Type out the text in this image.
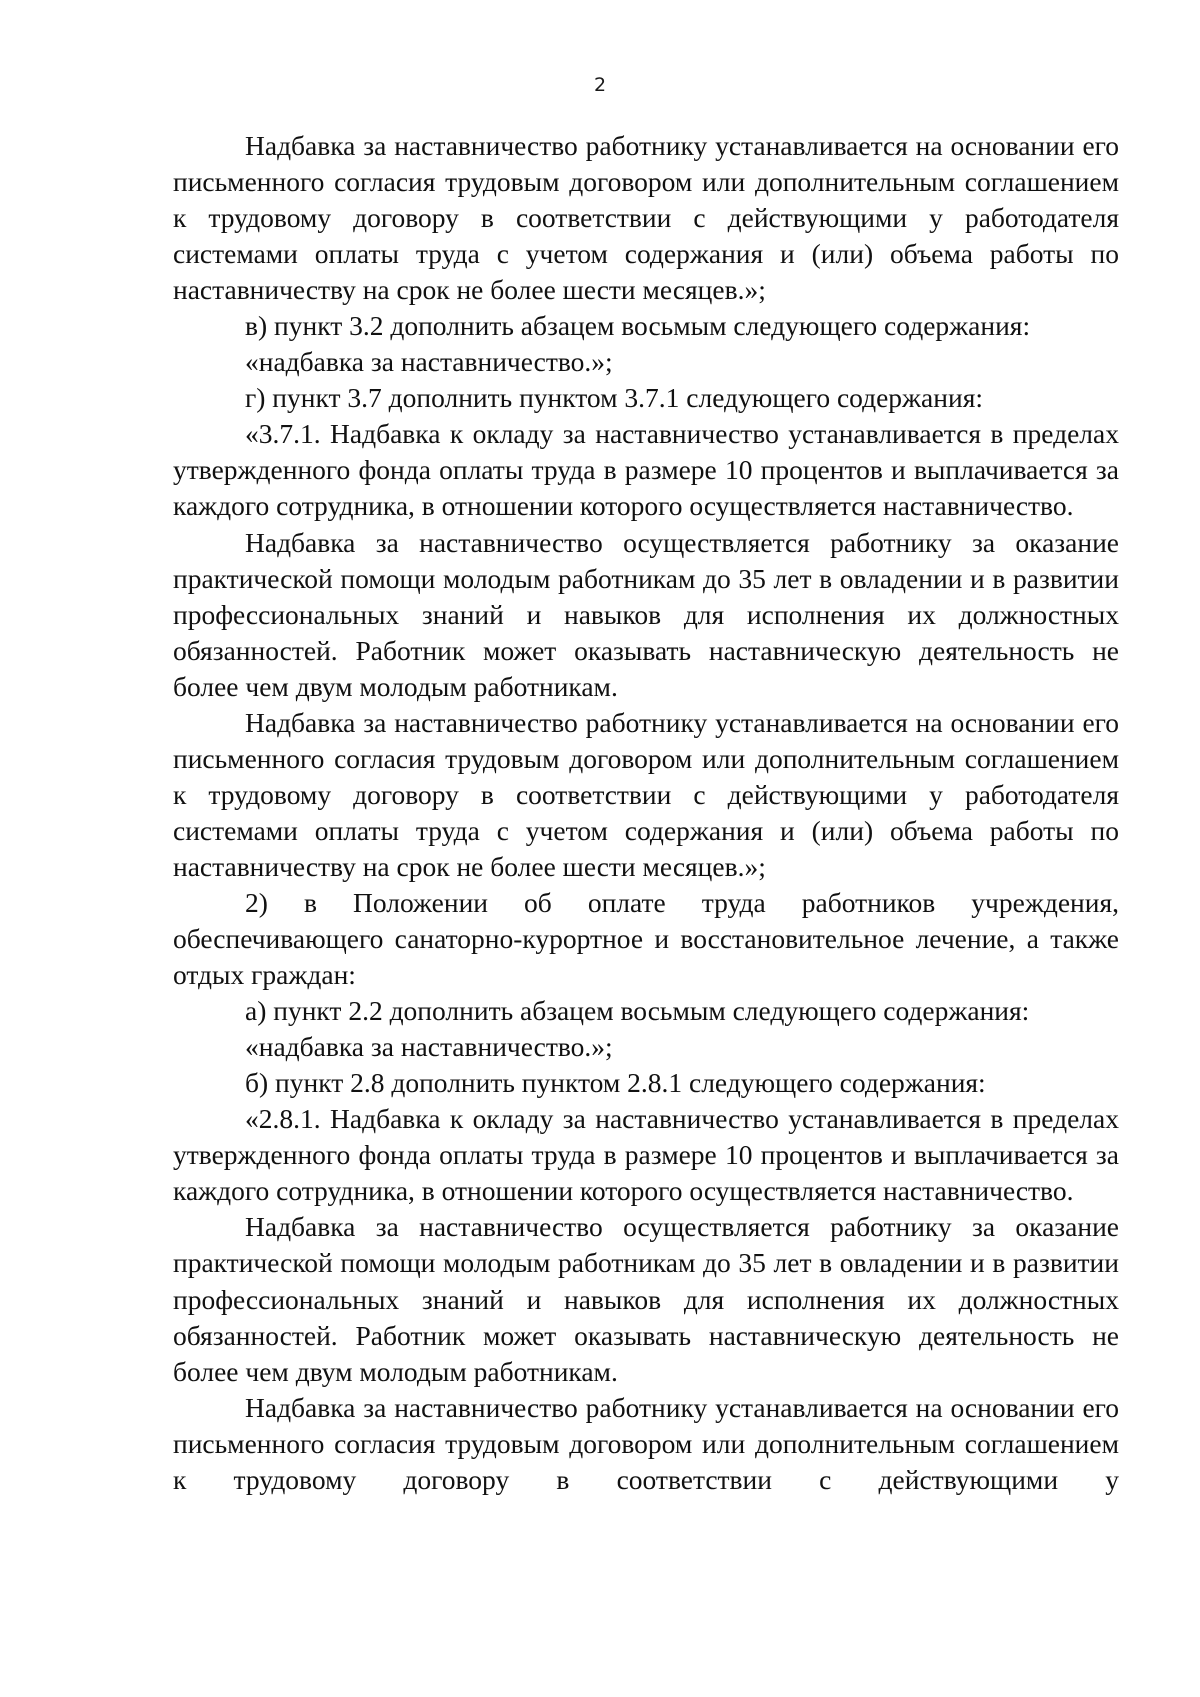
2

Надбавка за наставничество работнику устанавливается на основании его письменного согласия трудовым договором или дополнительным соглашением к трудовому договору в соответствии с действующими у работодателя системами оплаты труда с учетом содержания и (или) объема работы по наставничеству на срок не более шести месяцев.»;

в) пункт 3.2 дополнить абзацем восьмым следующего содержания:

«надбавка за наставничество.»;

г) пункт 3.7 дополнить пунктом 3.7.1 следующего содержания:

«3.7.1. Надбавка к окладу за наставничество устанавливается в пределах утвержденного фонда оплаты труда в размере 10 процентов и выплачивается за каждого сотрудника, в отношении которого осуществляется наставничество.

Надбавка за наставничество осуществляется работнику за оказание практической помощи молодым работникам до 35 лет в овладении и в развитии профессиональных знаний и навыков для исполнения их должностных обязанностей. Работник может оказывать наставническую деятельность не более чем двум молодым работникам.

Надбавка за наставничество работнику устанавливается на основании его письменного согласия трудовым договором или дополнительным соглашением к трудовому договору в соответствии с действующими у работодателя системами оплаты труда с учетом содержания и (или) объема работы по наставничеству на срок не более шести месяцев.»;

2) в Положении об оплате труда работников учреждения, обеспечивающего санаторно-курортное и восстановительное лечение, а также отдых граждан:

а) пункт 2.2 дополнить абзацем восьмым следующего содержания:

«надбавка за наставничество.»;

б) пункт 2.8 дополнить пунктом 2.8.1 следующего содержания:

«2.8.1. Надбавка к окладу за наставничество устанавливается в пределах утвержденного фонда оплаты труда в размере 10 процентов и выплачивается за каждого сотрудника, в отношении которого осуществляется наставничество.

Надбавка за наставничество осуществляется работнику за оказание практической помощи молодым работникам до 35 лет в овладении и в развитии профессиональных знаний и навыков для исполнения их должностных обязанностей. Работник может оказывать наставническую деятельность не более чем двум молодым работникам.

Надбавка за наставничество работнику устанавливается на основании его письменного согласия трудовым договором или дополнительным соглашением к трудовому договору в соответствии с действующими у
